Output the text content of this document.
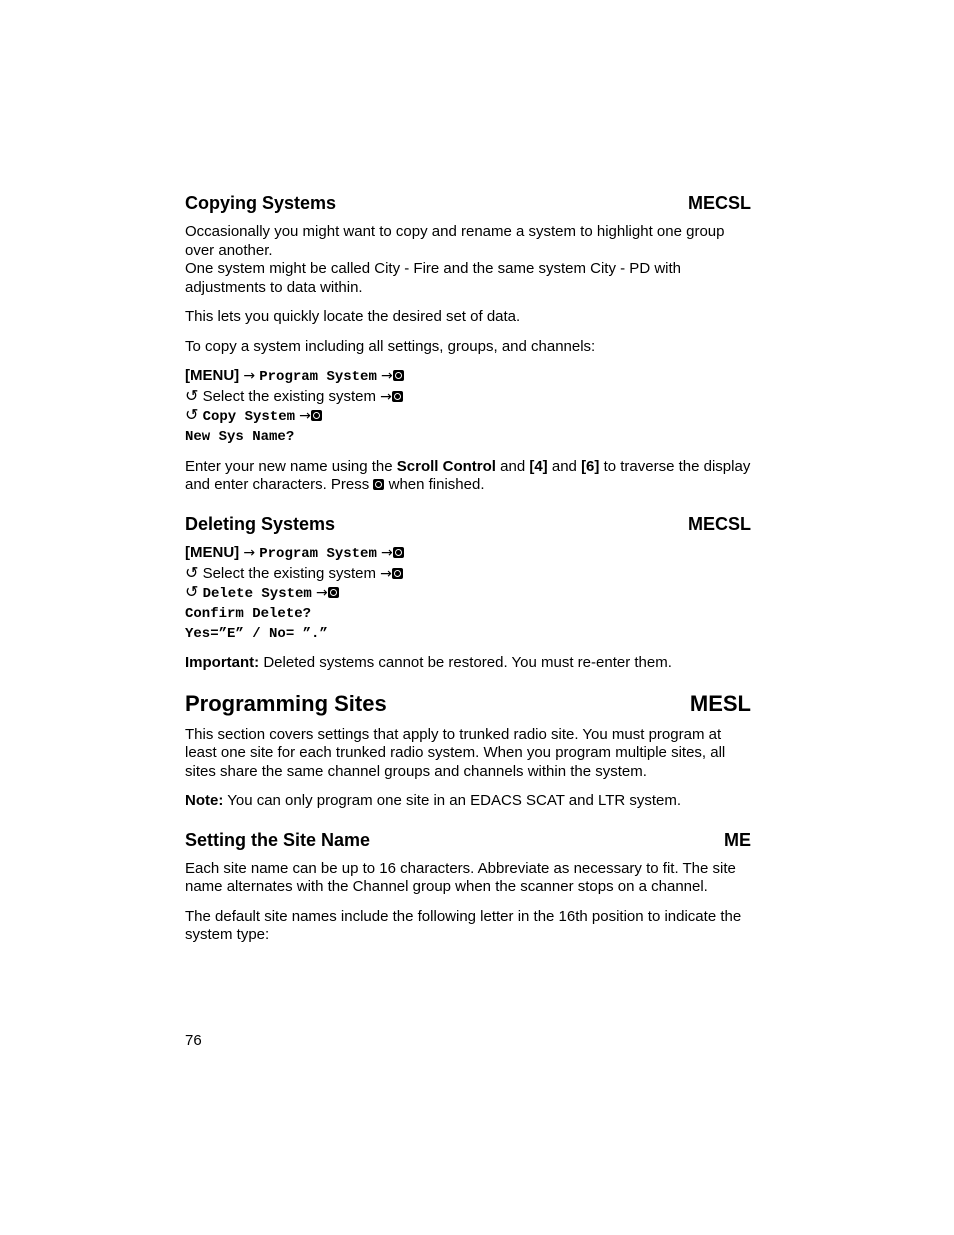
Copying Systems	MECSL

Occasionally you might want to copy and rename a system to highlight one group over another.
One system might be called City - Fire and the same system City - PD with adjustments to data within.

This lets you quickly locate the desired set of data.

To copy a system including all settings, groups, and channels:

[MENU] → Program System →
↺ Select the existing system →
↺ Copy System →
New Sys Name?

Enter your new name using the Scroll Control and [4] and [6] to traverse the display and enter characters. Press  when finished.

Deleting Systems	MECSL
[MENU] → Program System →
↺ Select the existing system →
↺ Delete System →
Confirm Delete?
Yes=”E” / No= ”.”

Important: Deleted systems cannot be restored. You must re-enter them.

Programming Sites	MESL

This section covers settings that apply to trunked radio site. You must program at least one site for each trunked radio system. When you program multiple sites, all sites share the same channel groups and channels within the system.

Note: You can only program one site in an EDACS SCAT and LTR system.

Setting the Site Name	ME

Each site name can be up to 16 characters. Abbreviate as necessary to fit. The site name alternates with the Channel group when the scanner stops on a channel.

The default site names include the following letter in the 16th position to indicate the system type:

76
